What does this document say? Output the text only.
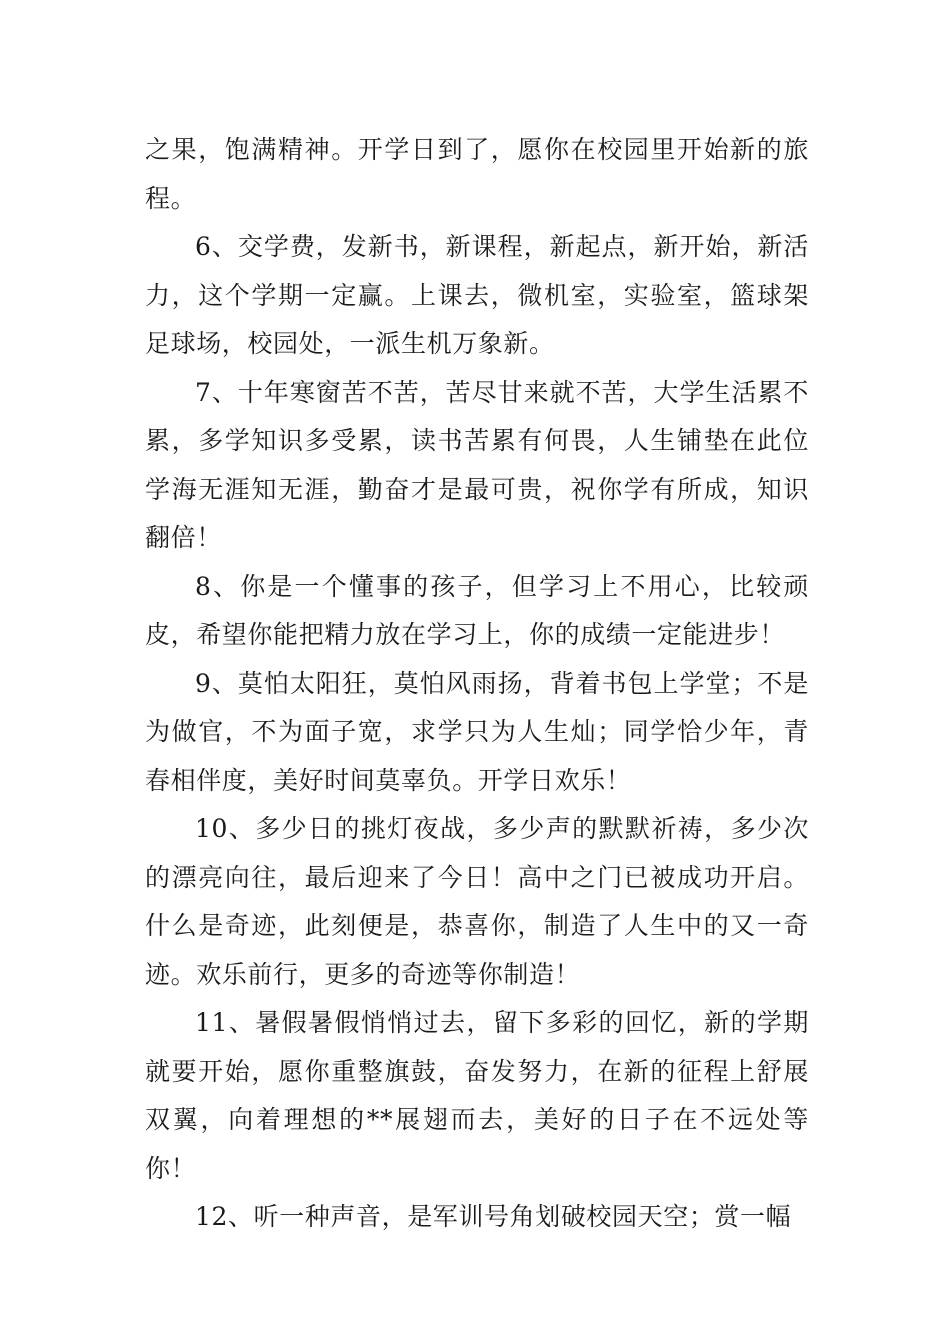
之果，饱满精神。开学日到了，愿你在校园里开始新的旅程。

6、交学费，发新书，新课程，新起点，新开始，新活力，这个学期一定赢。上课去，微机室，实验室，篮球架足球场，校园处，一派生机万象新。

7、十年寒窗苦不苦，苦尽甘来就不苦，大学生活累不累，多学知识多受累，读书苦累有何畏，人生铺垫在此位学海无涯知无涯，勤奋才是最可贵，祝你学有所成，知识翻倍！

8、你是一个懂事的孩子，但学习上不用心，比较顽皮，希望你能把精力放在学习上，你的成绩一定能进步！

9、莫怕太阳狂，莫怕风雨扬，背着书包上学堂；不是为做官，不为面子宽，求学只为人生灿；同学恰少年，青春相伴度，美好时间莫辜负。开学日欢乐！

10、多少日的挑灯夜战，多少声的默默祈祷，多少次的漂亮向往，最后迎来了今日！高中之门已被成功开启。什么是奇迹，此刻便是，恭喜你，制造了人生中的又一奇迹。欢乐前行，更多的奇迹等你制造！

11、暑假暑假悄悄过去，留下多彩的回忆，新的学期就要开始，愿你重整旗鼓，奋发努力，在新的征程上舒展双翼，向着理想的**展翅而去，美好的日子在不远处等你！

12、听一种声音，是军训号角划破校园天空；赏一幅
